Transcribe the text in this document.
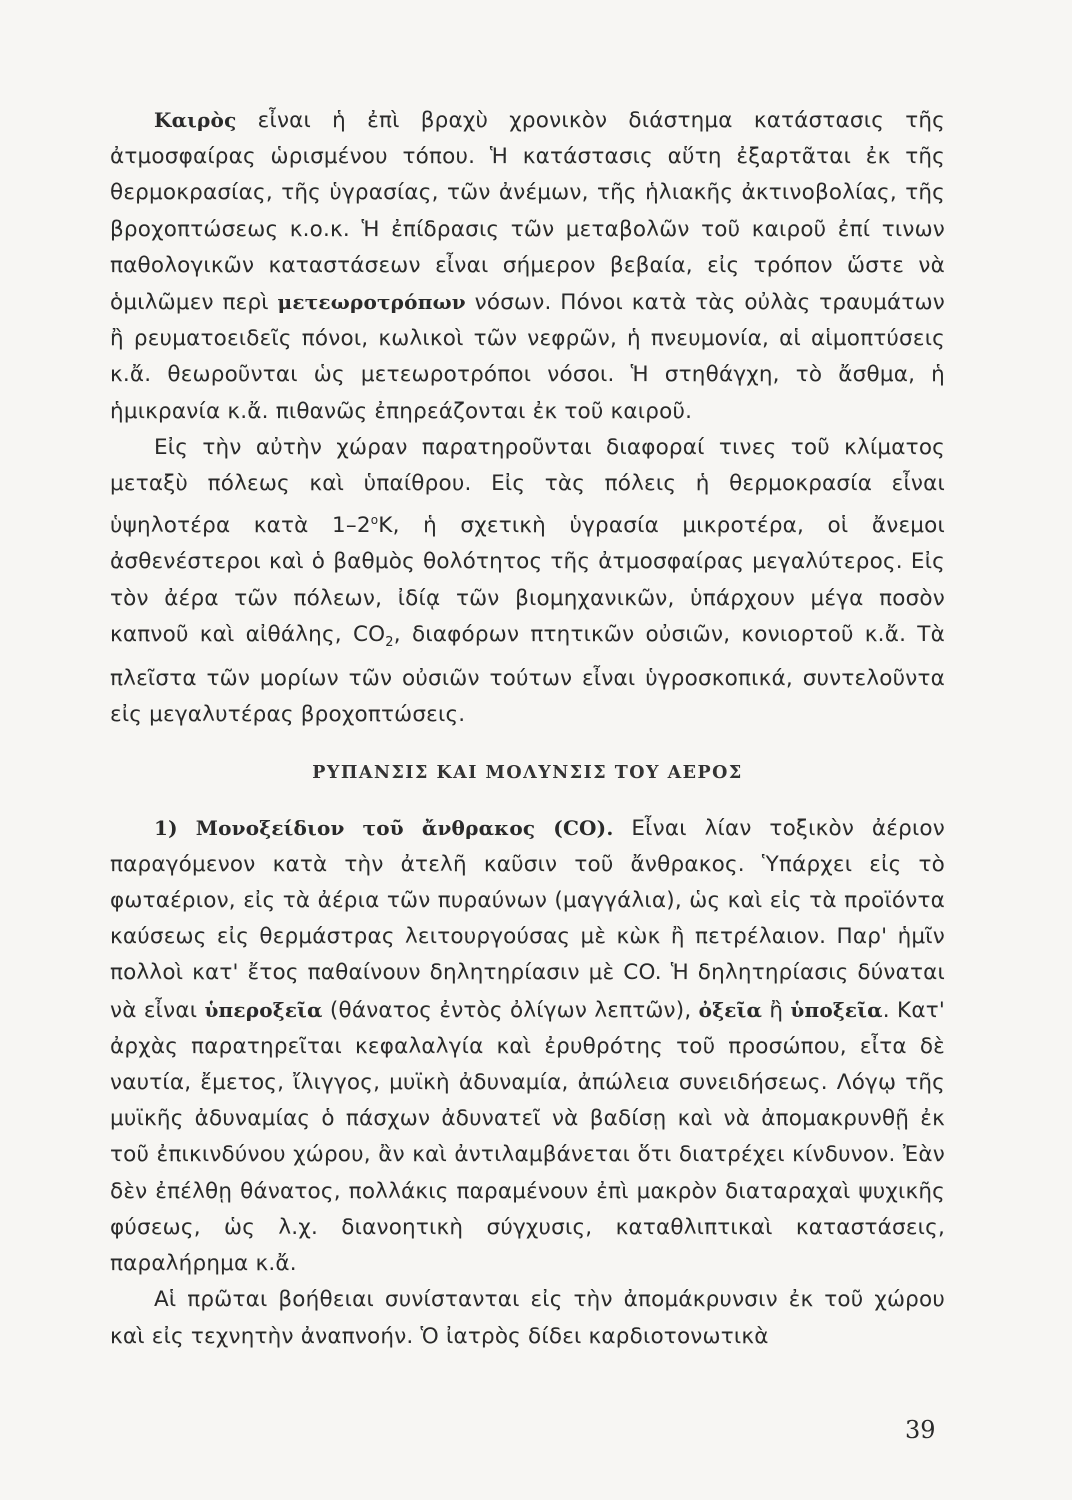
Καιρὸς εἶναι ἡ ἐπὶ βραχὺ χρονικὸν διάστημα κατάστασις τῆς ἀτμοσφαίρας ὡρισμένου τόπου. Ἡ κατάστασις αὕτη ἐξαρτᾶται ἐκ τῆς θερμοκρασίας, τῆς ὑγρασίας, τῶν ἀνέμων, τῆς ἡλιακῆς ἀκτινοβολίας, τῆς βροχοπτώσεως κ.ο.κ. Ἡ ἐπίδρασις τῶν μεταβολῶν τοῦ καιροῦ ἐπί τινων παθολογικῶν καταστάσεων εἶναι σήμερον βεβαία, εἰς τρόπον ὥστε νὰ ὁμιλῶμεν περὶ μετεωροτρόπων νόσων. Πόνοι κατὰ τὰς οὐλὰς τραυμάτων ἢ ρευματοειδεῖς πόνοι, κωλικοὶ τῶν νεφρῶν, ἡ πνευμονία, αἱ αἱμοπτύσεις κ.ἄ. θεωροῦνται ὡς μετεωροτρόποι νόσοι. Ἡ στηθάγχη, τὸ ἄσθμα, ἡ ἡμικρανία κ.ἄ. πιθανῶς ἐπηρεάζονται ἐκ τοῦ καιροῦ.

Εἰς τὴν αὐτὴν χώραν παρατηροῦνται διαφοραί τινες τοῦ κλίματος μεταξὺ πόλεως καὶ ὑπαίθρου. Εἰς τὰς πόλεις ἡ θερμοκρασία εἶναι ὑψηλοτέρα κατὰ 1–2$^o$K, ἡ σχετικὴ ὑγρασία μικροτέρα, οἱ ἄνεμοι ἀσθενέστεροι καὶ ὁ βαθμὸς θολότητος τῆς ἀτμοσφαίρας μεγαλύτερος. Εἰς τὸν ἀέρα τῶν πόλεων, ἰδίᾳ τῶν βιομηχανικῶν, ὑπάρχουν μέγα ποσὸν καπνοῦ καὶ αἰθάλης, $CO_2$, διαφόρων πτητικῶν οὐσιῶν, κονιορτοῦ κ.ἄ. Τὰ πλεῖστα τῶν μορίων τῶν οὐσιῶν τούτων εἶναι ὑγροσκοπικά, συντελοῦντα εἰς μεγαλυτέρας βροχοπτώσεις.

ΡΥΠΑΝΣΙΣ ΚΑΙ ΜΟΛΥΝΣΙΣ ΤΟΥ ΑΕΡΟΣ

1) Μονοξείδιον τοῦ ἄνθρακος (CO). Εἶναι λίαν τοξικὸν ἀέριον παραγόμενον κατὰ τὴν ἀτελῆ καῦσιν τοῦ ἄνθρακος. Ὑπάρχει εἰς τὸ φωταέριον, εἰς τὰ ἀέρια τῶν πυραύνων (μαγγάλια), ὡς καὶ εἰς τὰ προϊόντα καύσεως εἰς θερμάστρας λειτουργούσας μὲ κὼκ ἢ πετρέλαιον. Παρ' ἡμῖν πολλοὶ κατ' ἔτος παθαίνουν δηλητηρίασιν μὲ CO. Ἡ δηλητηρίασις δύναται νὰ εἶναι ὑπεροξεῖα (θάνατος ἐντὸς ὀλίγων λεπτῶν), ὀξεῖα ἢ ὑποξεῖα. Κατ' ἀρχὰς παρατηρεῖται κεφαλαλγία καὶ ἐρυθρότης τοῦ προσώπου, εἶτα δὲ ναυτία, ἔμετος, ἴλιγγος, μυϊκὴ ἀδυναμία, ἀπώλεια συνειδήσεως. Λόγῳ τῆς μυϊκῆς ἀδυναμίας ὁ πάσχων ἀδυνατεῖ νὰ βαδίσῃ καὶ νὰ ἀπομακρυνθῇ ἐκ τοῦ ἐπικινδύνου χώρου, ἂν καὶ ἀντιλαμβάνεται ὅτι διατρέχει κίνδυνον. Ἐὰν δὲν ἐπέλθῃ θάνατος, πολλάκις παραμένουν ἐπὶ μακρὸν διαταραχαὶ ψυχικῆς φύσεως, ὡς λ.χ. διανοητικὴ σύγχυσις, καταθλιπτικαὶ καταστάσεις, παραλήρημα κ.ἄ.

Αἱ πρῶται βοήθειαι συνίστανται εἰς τὴν ἀπομάκρυνσιν ἐκ τοῦ χώρου καὶ εἰς τεχνητὴν ἀναπνοήν. Ὁ ἰατρὸς δίδει καρδιοτονωτικὰ

39
